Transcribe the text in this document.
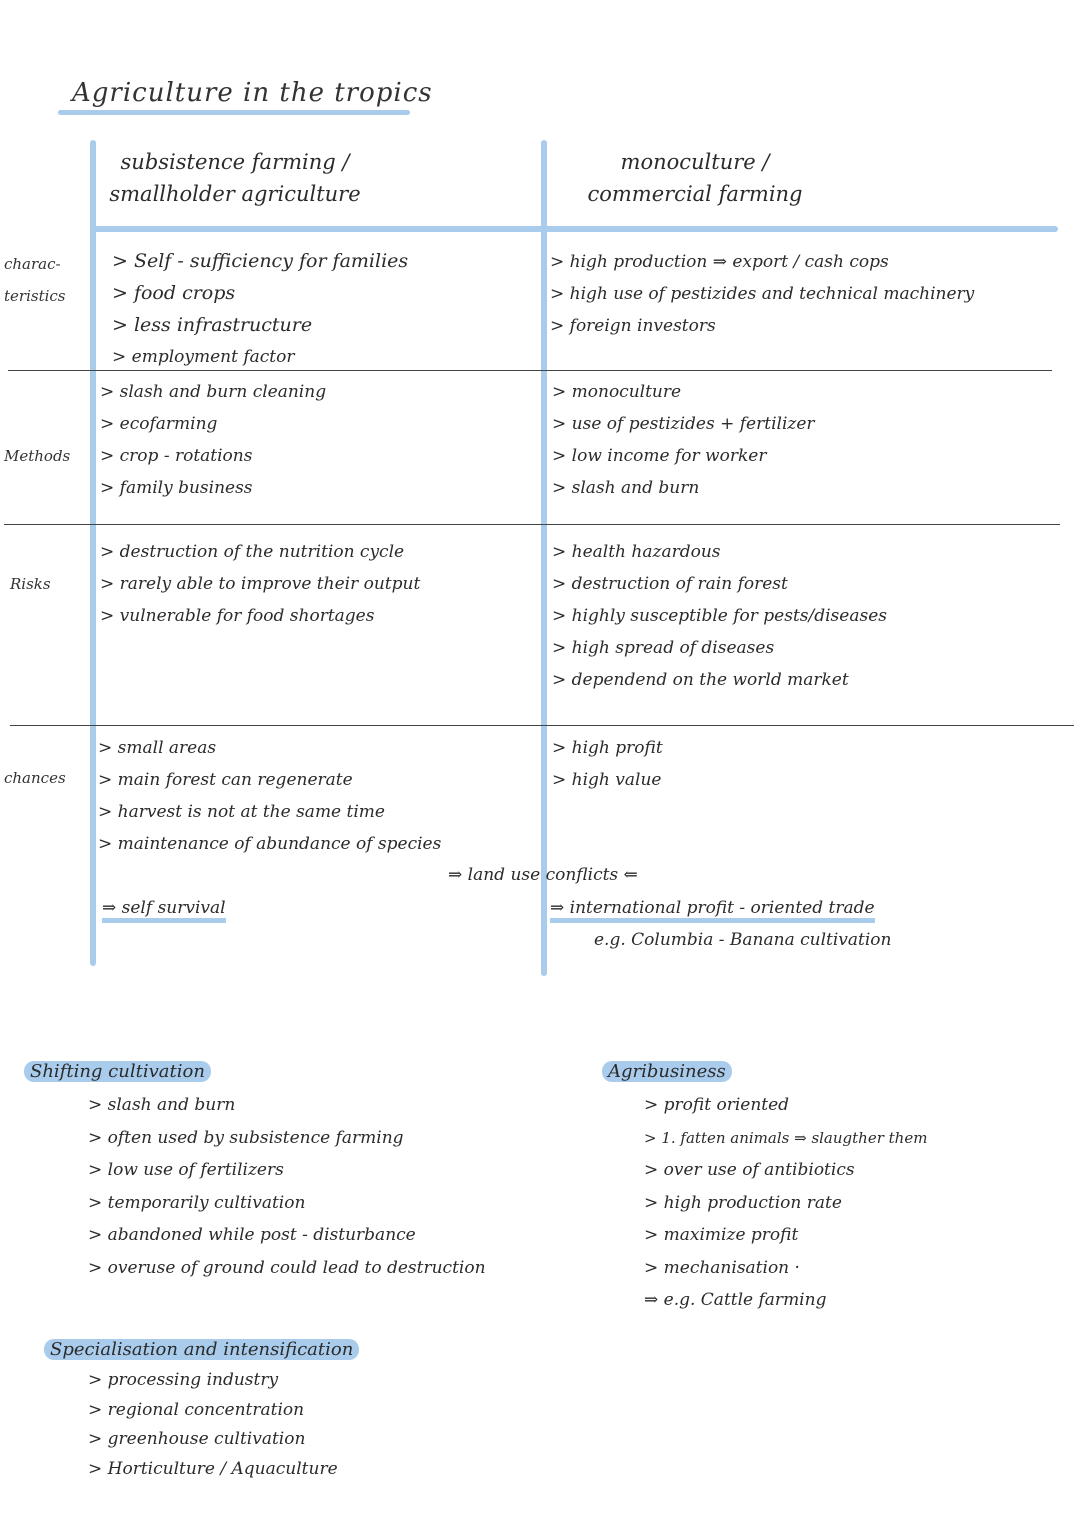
Agriculture in the tropics
subsistence farming /
smallholder agriculture
monoculture /
commercial farming
charac-
teristics
> Self - sufficiency for families
> food crops
> less infrastructure
> employment factor
> high production ⇒ export / cash cops
> high use of pestizides and technical machinery
> foreign investors
Methods
> slash and burn cleaning
> ecofarming
> crop - rotations
> family business
> monoculture
> use of pestizides + fertilizer
> low income for worker
> slash and burn
Risks
> destruction of the nutrition cycle
> rarely able to improve their output
> vulnerable for food shortages
> health hazardous
> destruction of rain forest
> highly susceptible for pests/diseases
> high spread of diseases
> dependend on the world market
chances
> small areas
> main forest can regenerate
> harvest is not at the same time
> maintenance of abundance of species
> high profit
> high value
⇒ land use conflicts ⇐
⇒ self survival	⇒ international profit - oriented trade
e.g. Columbia - Banana cultivation
Shifting cultivation
> slash and burn
> often used by subsistence farming
> low use of fertilizers
> temporarily cultivation
> abandoned while post - disturbance
> overuse of ground could lead to destruction
Agribusiness
> profit oriented
> 1. fatten animals ⇒ slaugther them
> over use of antibiotics
> high production rate
> maximize profit
> mechanisation ·
⇒ e.g. Cattle farming
Specialisation and intensification
> processing industry
> regional concentration
> greenhouse cultivation
> Horticulture / Aquaculture
